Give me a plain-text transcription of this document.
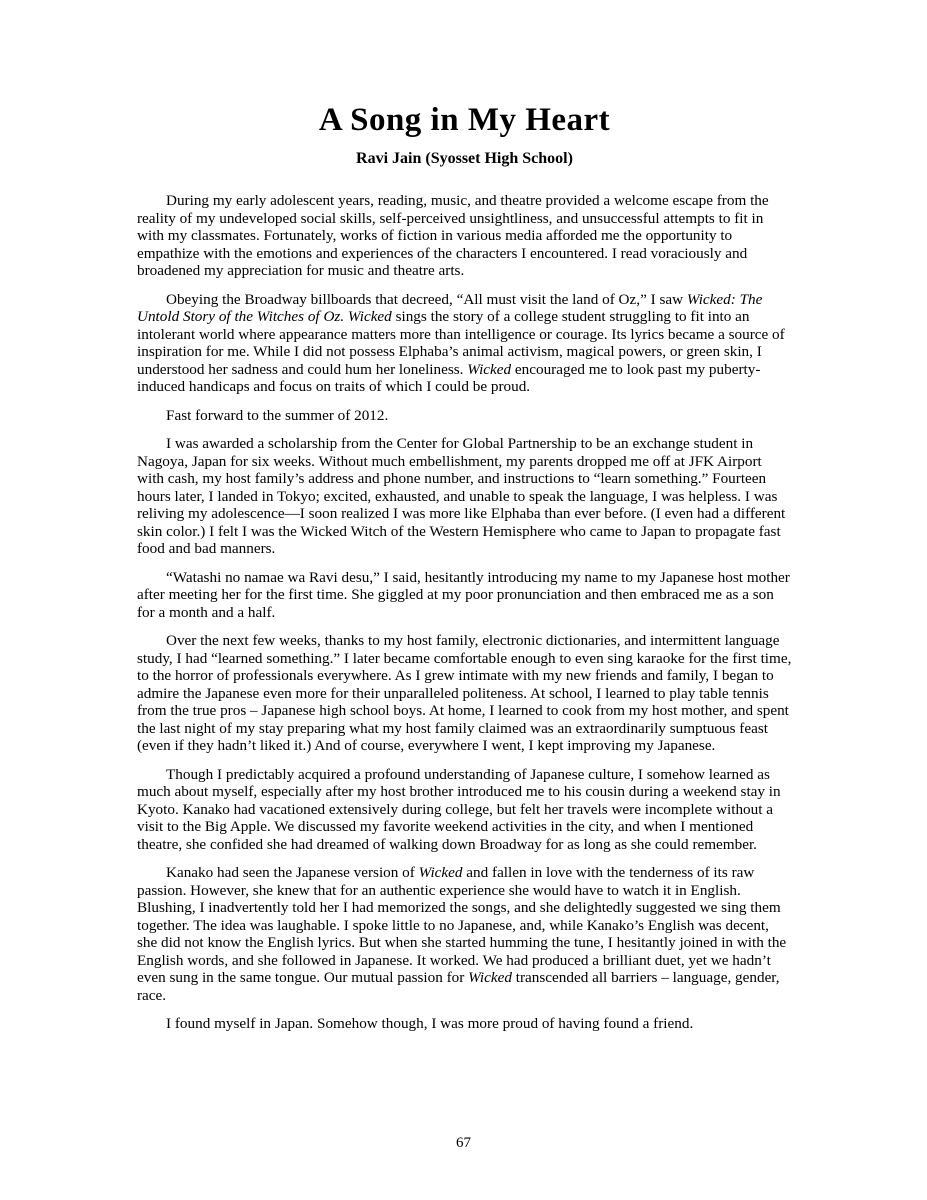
A Song in My Heart
Ravi Jain (Syosset High School)

During my early adolescent years, reading, music, and theatre provided a welcome escape from the reality of my undeveloped social skills, self-perceived unsightliness, and unsuccessful attempts to fit in with my classmates. Fortunately, works of fiction in various media afforded me the opportunity to empathize with the emotions and experiences of the characters I encountered. I read voraciously and broadened my appreciation for music and theatre arts.

Obeying the Broadway billboards that decreed, “All must visit the land of Oz,” I saw Wicked: The Untold Story of the Witches of Oz. Wicked sings the story of a college student struggling to fit into an intolerant world where appearance matters more than intelligence or courage. Its lyrics became a source of inspiration for me. While I did not possess Elphaba’s animal activism, magical powers, or green skin, I understood her sadness and could hum her loneliness. Wicked encouraged me to look past my puberty-induced handicaps and focus on traits of which I could be proud.

Fast forward to the summer of 2012.

I was awarded a scholarship from the Center for Global Partnership to be an exchange student in Nagoya, Japan for six weeks. Without much embellishment, my parents dropped me off at JFK Airport with cash, my host family’s address and phone number, and instructions to “learn something.” Fourteen hours later, I landed in Tokyo; excited, exhausted, and unable to speak the language, I was helpless. I was reliving my adolescence—I soon realized I was more like Elphaba than ever before. (I even had a different skin color.) I felt I was the Wicked Witch of the Western Hemisphere who came to Japan to propagate fast food and bad manners.

“Watashi no namae wa Ravi desu,” I said, hesitantly introducing my name to my Japanese host mother after meeting her for the first time. She giggled at my poor pronunciation and then embraced me as a son for a month and a half.

Over the next few weeks, thanks to my host family, electronic dictionaries, and intermittent language study, I had “learned something.” I later became comfortable enough to even sing karaoke for the first time, to the horror of professionals everywhere. As I grew intimate with my new friends and family, I began to admire the Japanese even more for their unparalleled politeness. At school, I learned to play table tennis from the true pros – Japanese high school boys. At home, I learned to cook from my host mother, and spent the last night of my stay preparing what my host family claimed was an extraordinarily sumptuous feast (even if they hadn’t liked it.) And of course, everywhere I went, I kept improving my Japanese.

Though I predictably acquired a profound understanding of Japanese culture, I somehow learned as much about myself, especially after my host brother introduced me to his cousin during a weekend stay in Kyoto. Kanako had vacationed extensively during college, but felt her travels were incomplete without a visit to the Big Apple. We discussed my favorite weekend activities in the city, and when I mentioned theatre, she confided she had dreamed of walking down Broadway for as long as she could remember.

Kanako had seen the Japanese version of Wicked and fallen in love with the tenderness of its raw passion. However, she knew that for an authentic experience she would have to watch it in English. Blushing, I inadvertently told her I had memorized the songs, and she delightedly suggested we sing them together. The idea was laughable. I spoke little to no Japanese, and, while Kanako’s English was decent, she did not know the English lyrics. But when she started humming the tune, I hesitantly joined in with the English words, and she followed in Japanese. It worked. We had produced a brilliant duet, yet we hadn’t even sung in the same tongue. Our mutual passion for Wicked transcended all barriers – language, gender, race.

I found myself in Japan. Somehow though, I was more proud of having found a friend.

67
